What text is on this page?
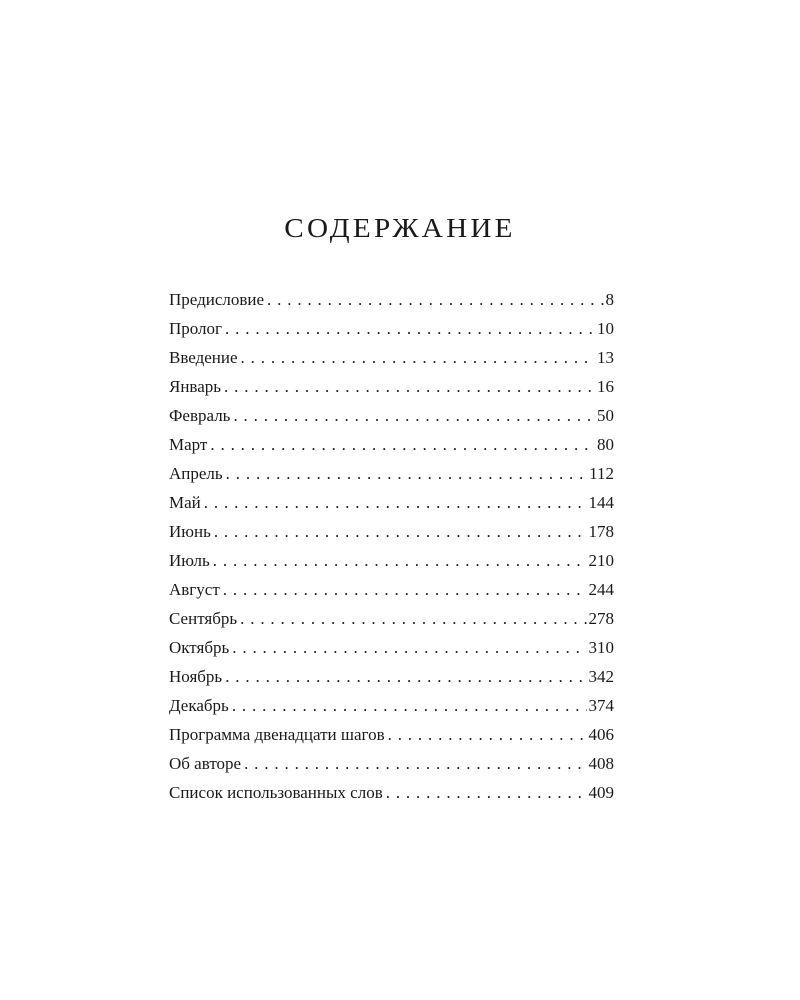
СОДЕРЖАНИЕ
Предисловие . . .	8
Пролог . . .	10
Введение . . .	13
Январь . . .	16
Февраль . . .	50
Март . . .	80
Апрель . . .	112
Май . . .	144
Июнь . . .	178
Июль . . .	210
Август . . .	244
Сентябрь . . .	278
Октябрь . . .	310
Ноябрь . . .	342
Декабрь . . .	374
Программа двенадцати шагов . . .	406
Об авторе . . .	408
Список использованных слов . . .	409
